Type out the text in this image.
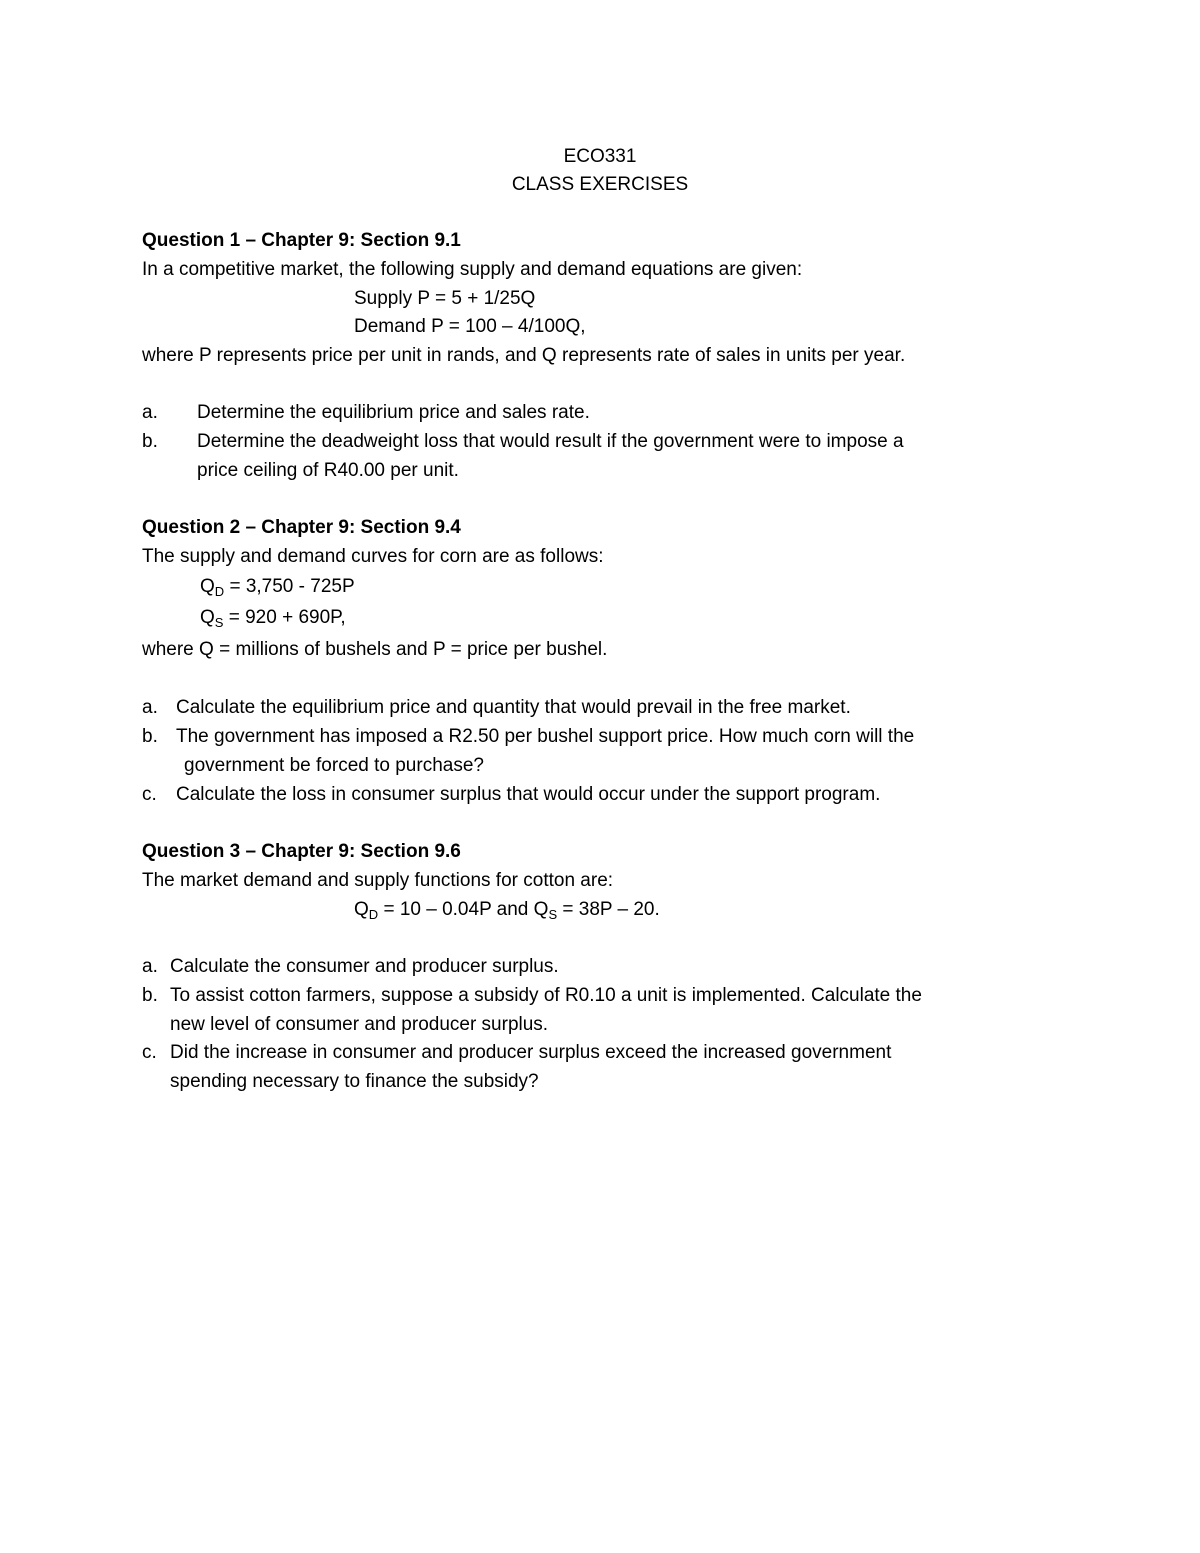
ECO331
CLASS EXERCISES
Question 1 – Chapter 9: Section 9.1
In a competitive market, the following supply and demand equations are given:
Supply P = 5 + 1/25Q
Demand P = 100 – 4/100Q,
where P represents price per unit in rands, and Q represents rate of sales in units per year.
a. Determine the equilibrium price and sales rate.
b. Determine the deadweight loss that would result if the government were to impose a
price ceiling of R40.00 per unit.
Question 2 – Chapter 9: Section 9.4
The supply and demand curves for corn are as follows:
$Q_D = 3,750 - 725P$
$Q_S = 920 + 690P$,
where Q = millions of bushels and P = price per bushel.
a. Calculate the equilibrium price and quantity that would prevail in the free market.
b. The government has imposed a R2.50 per bushel support price. How much corn will the
government be forced to purchase?
c. Calculate the loss in consumer surplus that would occur under the support program.
Question 3 – Chapter 9: Section 9.6
The market demand and supply functions for cotton are:
$Q_D = 10 - 0.04P$ and $Q_S = 38P - 20$.
a. Calculate the consumer and producer surplus.
b. To assist cotton farmers, suppose a subsidy of R0.10 a unit is implemented. Calculate the
new level of consumer and producer surplus.
c. Did the increase in consumer and producer surplus exceed the increased government
spending necessary to finance the subsidy?
